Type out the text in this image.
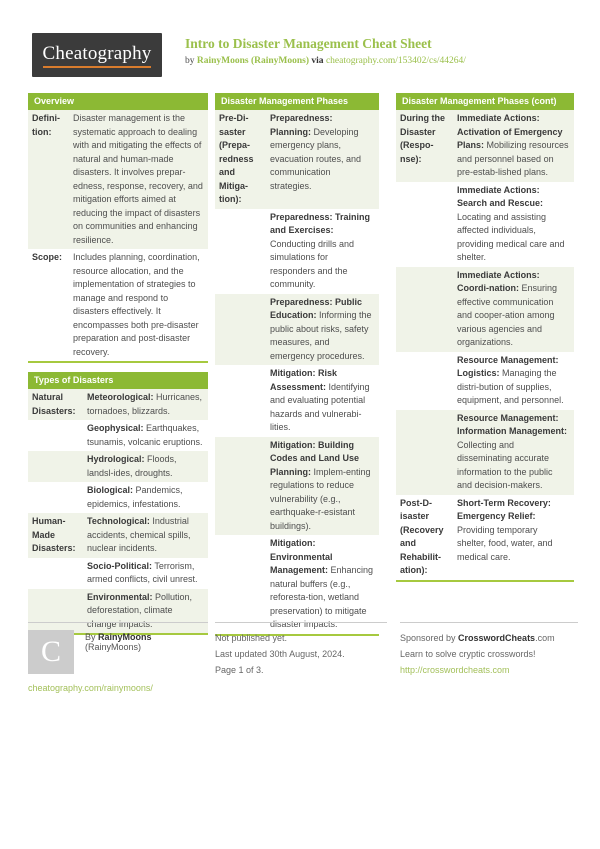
Cheatography Intro to Disaster Management Cheat Sheet
by RainyMoons (RainyMoons) via cheatography.com/153402/cs/44264/
Overview
Defini-tion:
Disaster management is the systematic approach to dealing with and mitigating the effects of natural and human-made disasters. It involves prepar-edness, response, recovery, and mitigation efforts aimed at reducing the impact of disasters on communities and enhancing resilience.
Scope:	Includes planning, coordination, resource allocation, and the implementation of strategies to manage and respond to disasters effectively. It encompasses both pre-disaster preparation and post-disaster recovery.
Types of Disasters
Natural Disasters:
Meteorological: Hurricanes, tornadoes, blizzards.
Geophysical: Earthquakes, tsunamis, volcanic eruptions.
Hydrological: Floods, landsl-ides, droughts.
Biological: Pandemics, epidemics, infestations.
Human-Made Disasters:
Technological: Industrial accidents, chemical spills, nuclear incidents.
Socio-Political: Terrorism, armed conflicts, civil unrest.
Environmental: Pollution, deforestation, climate change impacts.
Disaster Management Phases
Pre-Di-saster (Prepa-redness and Mitiga-tion):
Preparedness: Planning: Developing emergency plans, evacuation routes, and communication strategies.
Preparedness: Training and Exercises: Conducting drills and simulations for responders and the community.
Preparedness: Public Education: Informing the public about risks, safety measures, and emergency procedures.
Mitigation: Risk Assessment: Identifying and evaluating potential hazards and vulnerabi-lities.
Mitigation: Building Codes and Land Use Planning: Implem-enting regulations to reduce vulnerability (e.g., earthquake-r-esistant buildings).
Mitigation: Environmental Management: Enhancing natural buffers (e.g., reforesta-tion, wetland preservation) to mitigate disaster impacts.
Disaster Management Phases (cont)
During the Disaster (Respo-nse):
Immediate Actions: Activation of Emergency Plans: Mobilizing resources and personnel based on pre-estab-lished plans.
Immediate Actions: Search and Rescue: Locating and assisting affected individuals, providing medical care and shelter.
Immediate Actions: Coordi-nation: Ensuring effective communication and cooper-ation among various agencies and organizations.
Resource Management: Logistics: Managing the distri-bution of supplies, equipment, and personnel.
Resource Management: Information Management: Collecting and disseminating accurate information to the public and decision-makers.
Post-D-isaster (Recovery and Rehabilit-ation):
Short-Term Recovery: Emergency Relief: Providing temporary shelter, food, water, and medical care.
C	By RainyMoons (RainyMoons)
cheatography.com/rainymoons/
Not published yet.
Last updated 30th August, 2024.
Page 1 of 3.
Sponsored by CrosswordCheats.com
Learn to solve cryptic crosswords!
http://crosswordcheats.com
